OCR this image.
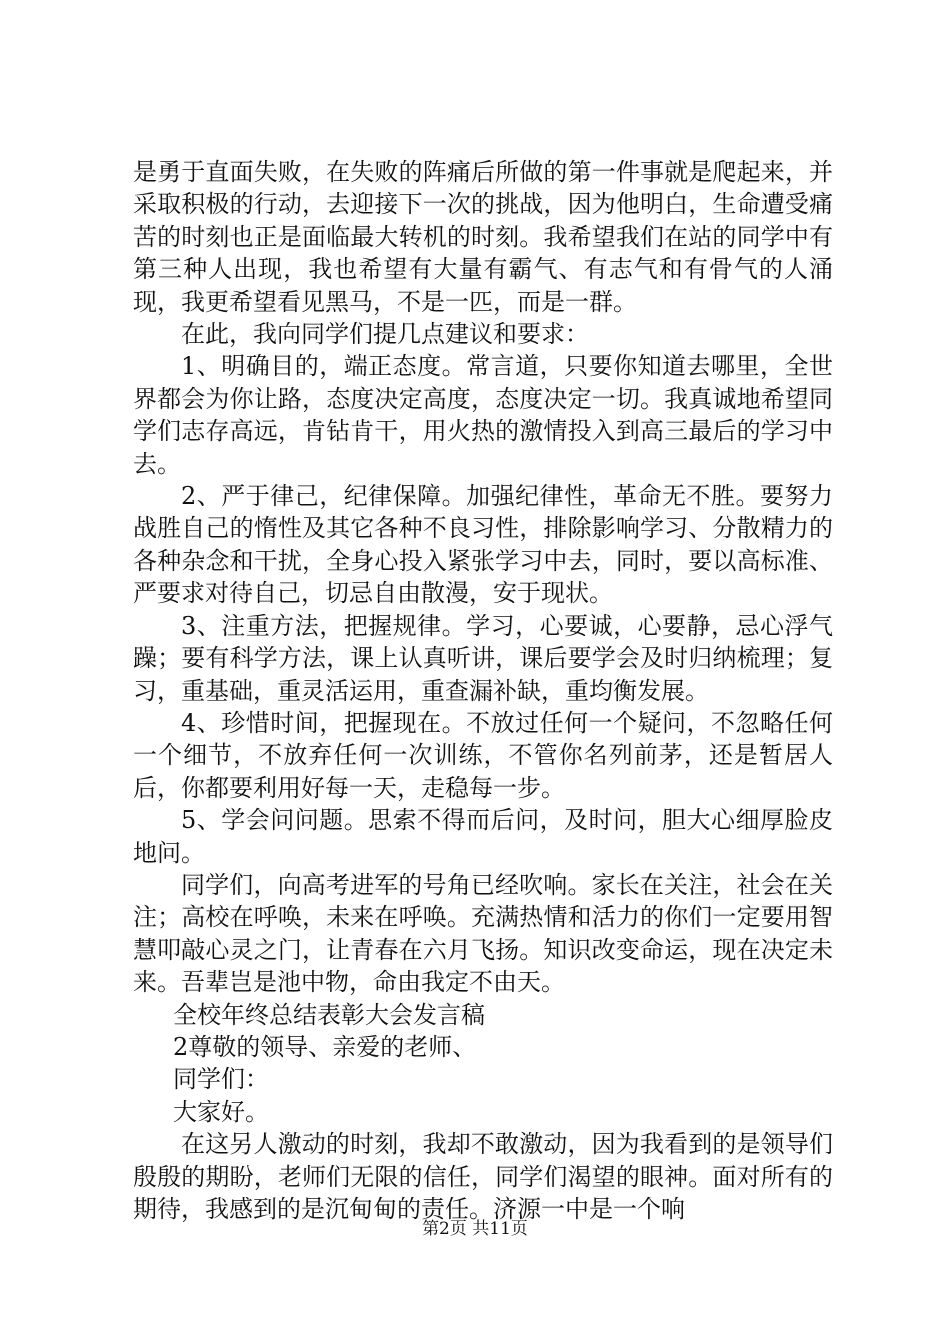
是勇于直面失败，在失败的阵痛后所做的第一件事就是爬起来，并采取积极的行动，去迎接下一次的挑战，因为他明白，生命遭受痛苦的时刻也正是面临最大转机的时刻。我希望我们在站的同学中有第三种人出现，我也希望有大量有霸气、有志气和有骨气的人涌现，我更希望看见黑马，不是一匹，而是一群。

在此，我向同学们提几点建议和要求：

1、明确目的，端正态度。常言道，只要你知道去哪里，全世界都会为你让路，态度决定高度，态度决定一切。我真诚地希望同学们志存高远，肯钻肯干，用火热的激情投入到高三最后的学习中去。

2、严于律己，纪律保障。加强纪律性，革命无不胜。要努力战胜自己的惰性及其它各种不良习性，排除影响学习、分散精力的各种杂念和干扰，全身心投入紧张学习中去，同时，要以高标准、严要求对待自己，切忌自由散漫，安于现状。

3、注重方法，把握规律。学习，心要诚，心要静，忌心浮气躁；要有科学方法，课上认真听讲，课后要学会及时归纳梳理；复习，重基础，重灵活运用，重查漏补缺，重均衡发展。

4、珍惜时间，把握现在。不放过任何一个疑问，不忽略任何一个细节，不放弃任何一次训练，不管你名列前茅，还是暂居人后，你都要利用好每一天，走稳每一步。

5、学会问问题。思索不得而后问，及时问，胆大心细厚脸皮地问。

同学们，向高考进军的号角已经吹响。家长在关注，社会在关注；高校在呼唤，未来在呼唤。充满热情和活力的你们一定要用智慧叩敲心灵之门，让青春在六月飞扬。知识改变命运，现在决定未来。吾辈岂是池中物，命由我定不由天。

全校年终总结表彰大会发言稿

2尊敬的领导、亲爱的老师、

同学们：

大家好。

在这另人激动的时刻，我却不敢激动，因为我看到的是领导们殷殷的期盼，老师们无限的信任，同学们渴望的眼神。面对所有的期待，我感到的是沉甸甸的责任。济源一中是一个响

第2页 共11页
